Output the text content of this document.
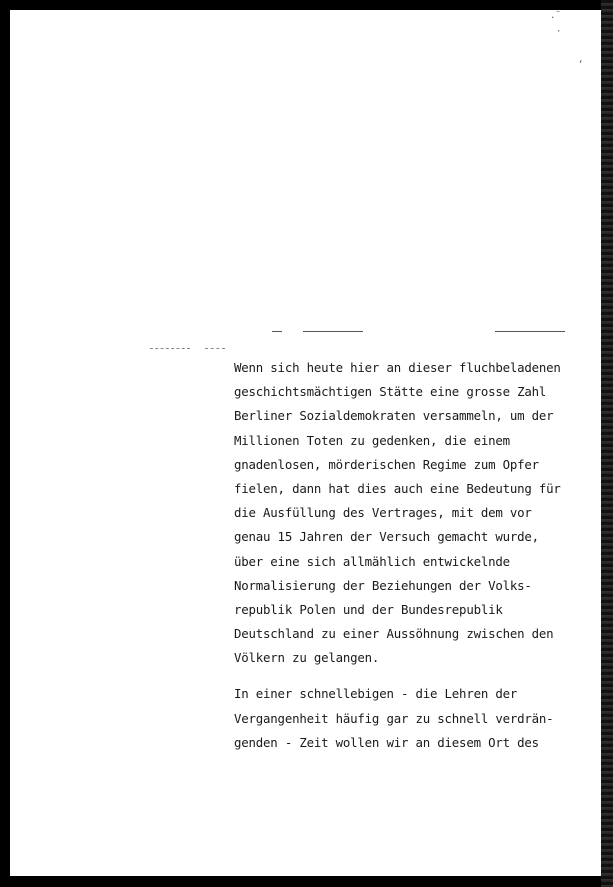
.¨
·
,

Wenn sich heute hier an dieser fluchbeladenen
geschichtsmächtigen Stätte eine grosse Zahl
Berliner Sozialdemokraten versammeln, um der
Millionen Toten zu gedenken, die einem
gnadenlosen, mörderischen Regime zum Opfer
fielen, dann hat dies auch eine Bedeutung für
die Ausfüllung des Vertrages, mit dem vor
genau 15 Jahren der Versuch gemacht wurde,
über eine sich allmählich entwickelnde
Normalisierung der Beziehungen der Volks-
republik Polen und der Bundesrepublik
Deutschland zu einer Aussöhnung zwischen den
Völkern zu gelangen.

In einer schnellebigen - die Lehren der
Vergangenheit häufig gar zu schnell verdrän-
genden - Zeit wollen wir an diesem Ort des
